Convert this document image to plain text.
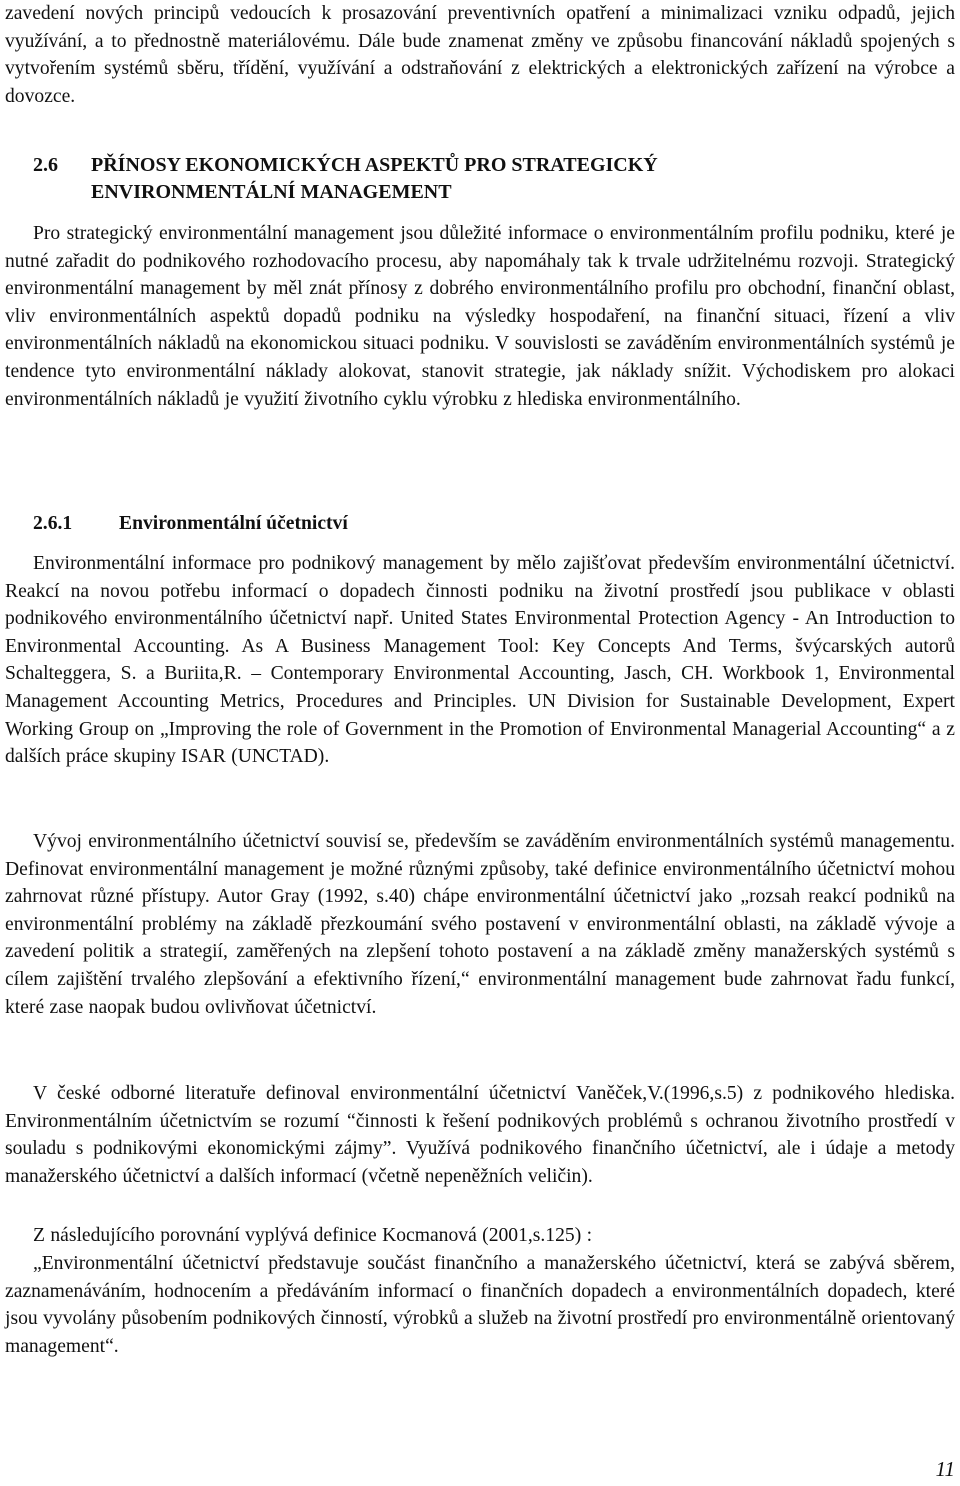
zavedení nových principů vedoucích k prosazování preventivních opatření a minimalizaci vzniku odpadů, jejich využívání, a to přednostně materiálovému. Dále bude znamenat změny ve způsobu financování nákladů spojených s vytvořením systémů sběru, třídění, využívání a odstraňování z elektrických a elektronických zařízení na výrobce a dovozce.

2.6 PŘÍNOSY EKONOMICKÝCH ASPEKTŮ PRO STRATEGICKÝ
ENVIRONMENTÁLNÍ MANAGEMENT

Pro strategický environmentální management jsou důležité informace o environmentálním profilu podniku, které je nutné zařadit do podnikového rozhodovacího procesu, aby napomáhaly tak k trvale udržitelnému rozvoji. Strategický environmentální management by měl znát přínosy z dobrého environmentálního profilu pro obchodní, finanční oblast, vliv environmentálních aspektů dopadů podniku na výsledky hospodaření, na finanční situaci, řízení a vliv environmentálních nákladů na ekonomickou situaci podniku. V souvislosti se zaváděním environmentálních systémů je tendence tyto environmentální náklady alokovat, stanovit strategie, jak náklady snížit. Východiskem pro alokaci environmentálních nákladů je využití životního cyklu výrobku z hlediska environmentálního.

2.6.1 Environmentální účetnictví

Environmentální informace pro podnikový management by mělo zajišťovat především environmentální účetnictví. Reakcí na novou potřebu informací o dopadech činnosti podniku na životní prostředí jsou publikace v oblasti podnikového environmentálního účetnictví např. United States Environmental Protection Agency - An Introduction to Environmental Accounting. As A Business Management Tool: Key Concepts And Terms, švýcarských autorů Schalteggera, S. a Buriita,R. – Contemporary Environmental Accounting, Jasch, CH. Workbook 1, Environmental Management Accounting Metrics, Procedures and Principles. UN Division for Sustainable Development, Expert Working Group on „Improving the role of Government in the Promotion of Environmental Managerial Accounting“ a z dalších práce skupiny ISAR (UNCTAD).

Vývoj environmentálního účetnictví souvisí se, především se zaváděním environmentálních systémů managementu. Definovat environmentální management je možné různými způsoby, také definice environmentálního účetnictví mohou zahrnovat různé přístupy. Autor Gray (1992, s.40) chápe environmentální účetnictví jako „rozsah reakcí podniků na environmentální problémy na základě přezkoumání svého postavení v environmentální oblasti, na základě vývoje a zavedení politik a strategií, zaměřených na zlepšení tohoto postavení a na základě změny manažerských systémů s cílem zajištění trvalého zlepšování a efektivního řízení,“ environmentální management bude zahrnovat řadu funkcí, které zase naopak budou ovlivňovat účetnictví.

V české odborné literatuře definoval environmentální účetnictví Vaněček,V.(1996,s.5) z podnikového hlediska. Environmentálním účetnictvím se rozumí “činnosti k řešení podnikových problémů s ochranou životního prostředí v souladu s podnikovými ekonomickými zájmy”. Využívá podnikového finančního účetnictví, ale i údaje a metody manažerského účetnictví a dalších informací (včetně nepeněžních veličin).

Z následujícího porovnání vyplývá definice Kocmanová (2001,s.125) :

„Environmentální účetnictví představuje součást finančního a manažerského účetnictví, která se zabývá sběrem, zaznamenáváním, hodnocením a předáváním informací o finančních dopadech a environmentálních dopadech, které jsou vyvolány působením podnikových činností, výrobků a služeb na životní prostředí pro environmentálně orientovaný management“.

11
